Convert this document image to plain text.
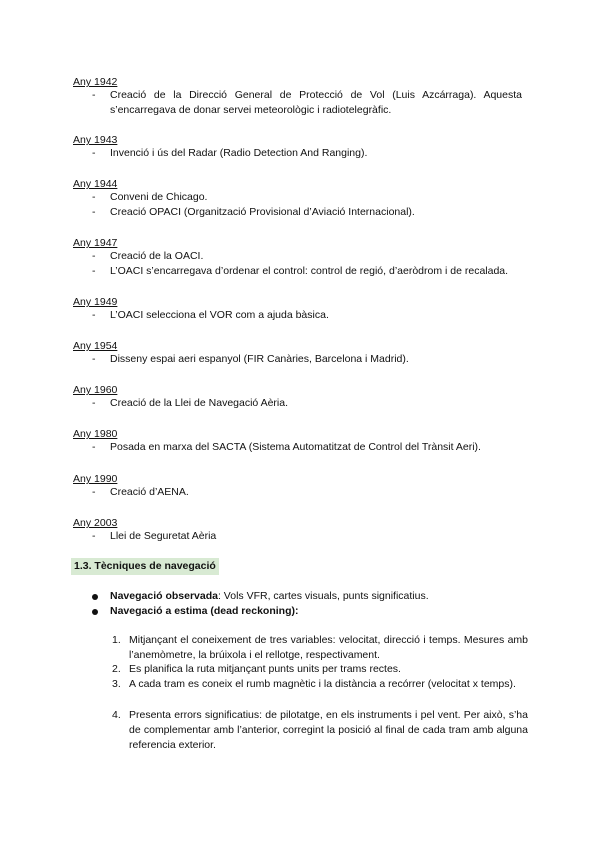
Any 1942
- Creació de la Direcció General de Protecció de Vol (Luis Azcárraga). Aquesta s’encarregava de donar servei meteorològic i radiotelegràfic.
Any 1943
- Invenció i ús del Radar (Radio Detection And Ranging).
Any 1944
- Conveni de Chicago.
- Creació OPACI (Organització Provisional d’Aviació Internacional).
Any 1947
- Creació de la OACI.
- L’OACI s’encarregava d’ordenar el control: control de regió, d’aeròdrom i de recalada.
Any 1949
- L’OACI selecciona el VOR com a ajuda bàsica.
Any 1954
- Disseny espai aeri espanyol (FIR Canàries, Barcelona i Madrid).
Any 1960
- Creació de la Llei de Navegació Aèria.
Any 1980
- Posada en marxa del SACTA (Sistema Automatitzat de Control del Trànsit Aeri).
Any 1990
- Creació d’AENA.
Any 2003
- Llei de Seguretat Aèria
1.3. Tècniques de navegació
Navegació observada: Vols VFR, cartes visuals, punts significatius.
Navegació a estima (dead reckoning):
1. Mitjançant el coneixement de tres variables: velocitat, direcció i temps. Mesures amb l’anemòmetre, la brúixola i el rellotge, respectivament.
2. Es planifica la ruta mitjançant punts units per trams rectes.
3. A cada tram es coneix el rumb magnètic i la distància a recórrer (velocitat x temps).
4. Presenta errors significatius: de pilotatge, en els instruments i pel vent. Per això, s’ha de complementar amb l’anterior, corregint la posició al final de cada tram amb alguna referencia exterior.
